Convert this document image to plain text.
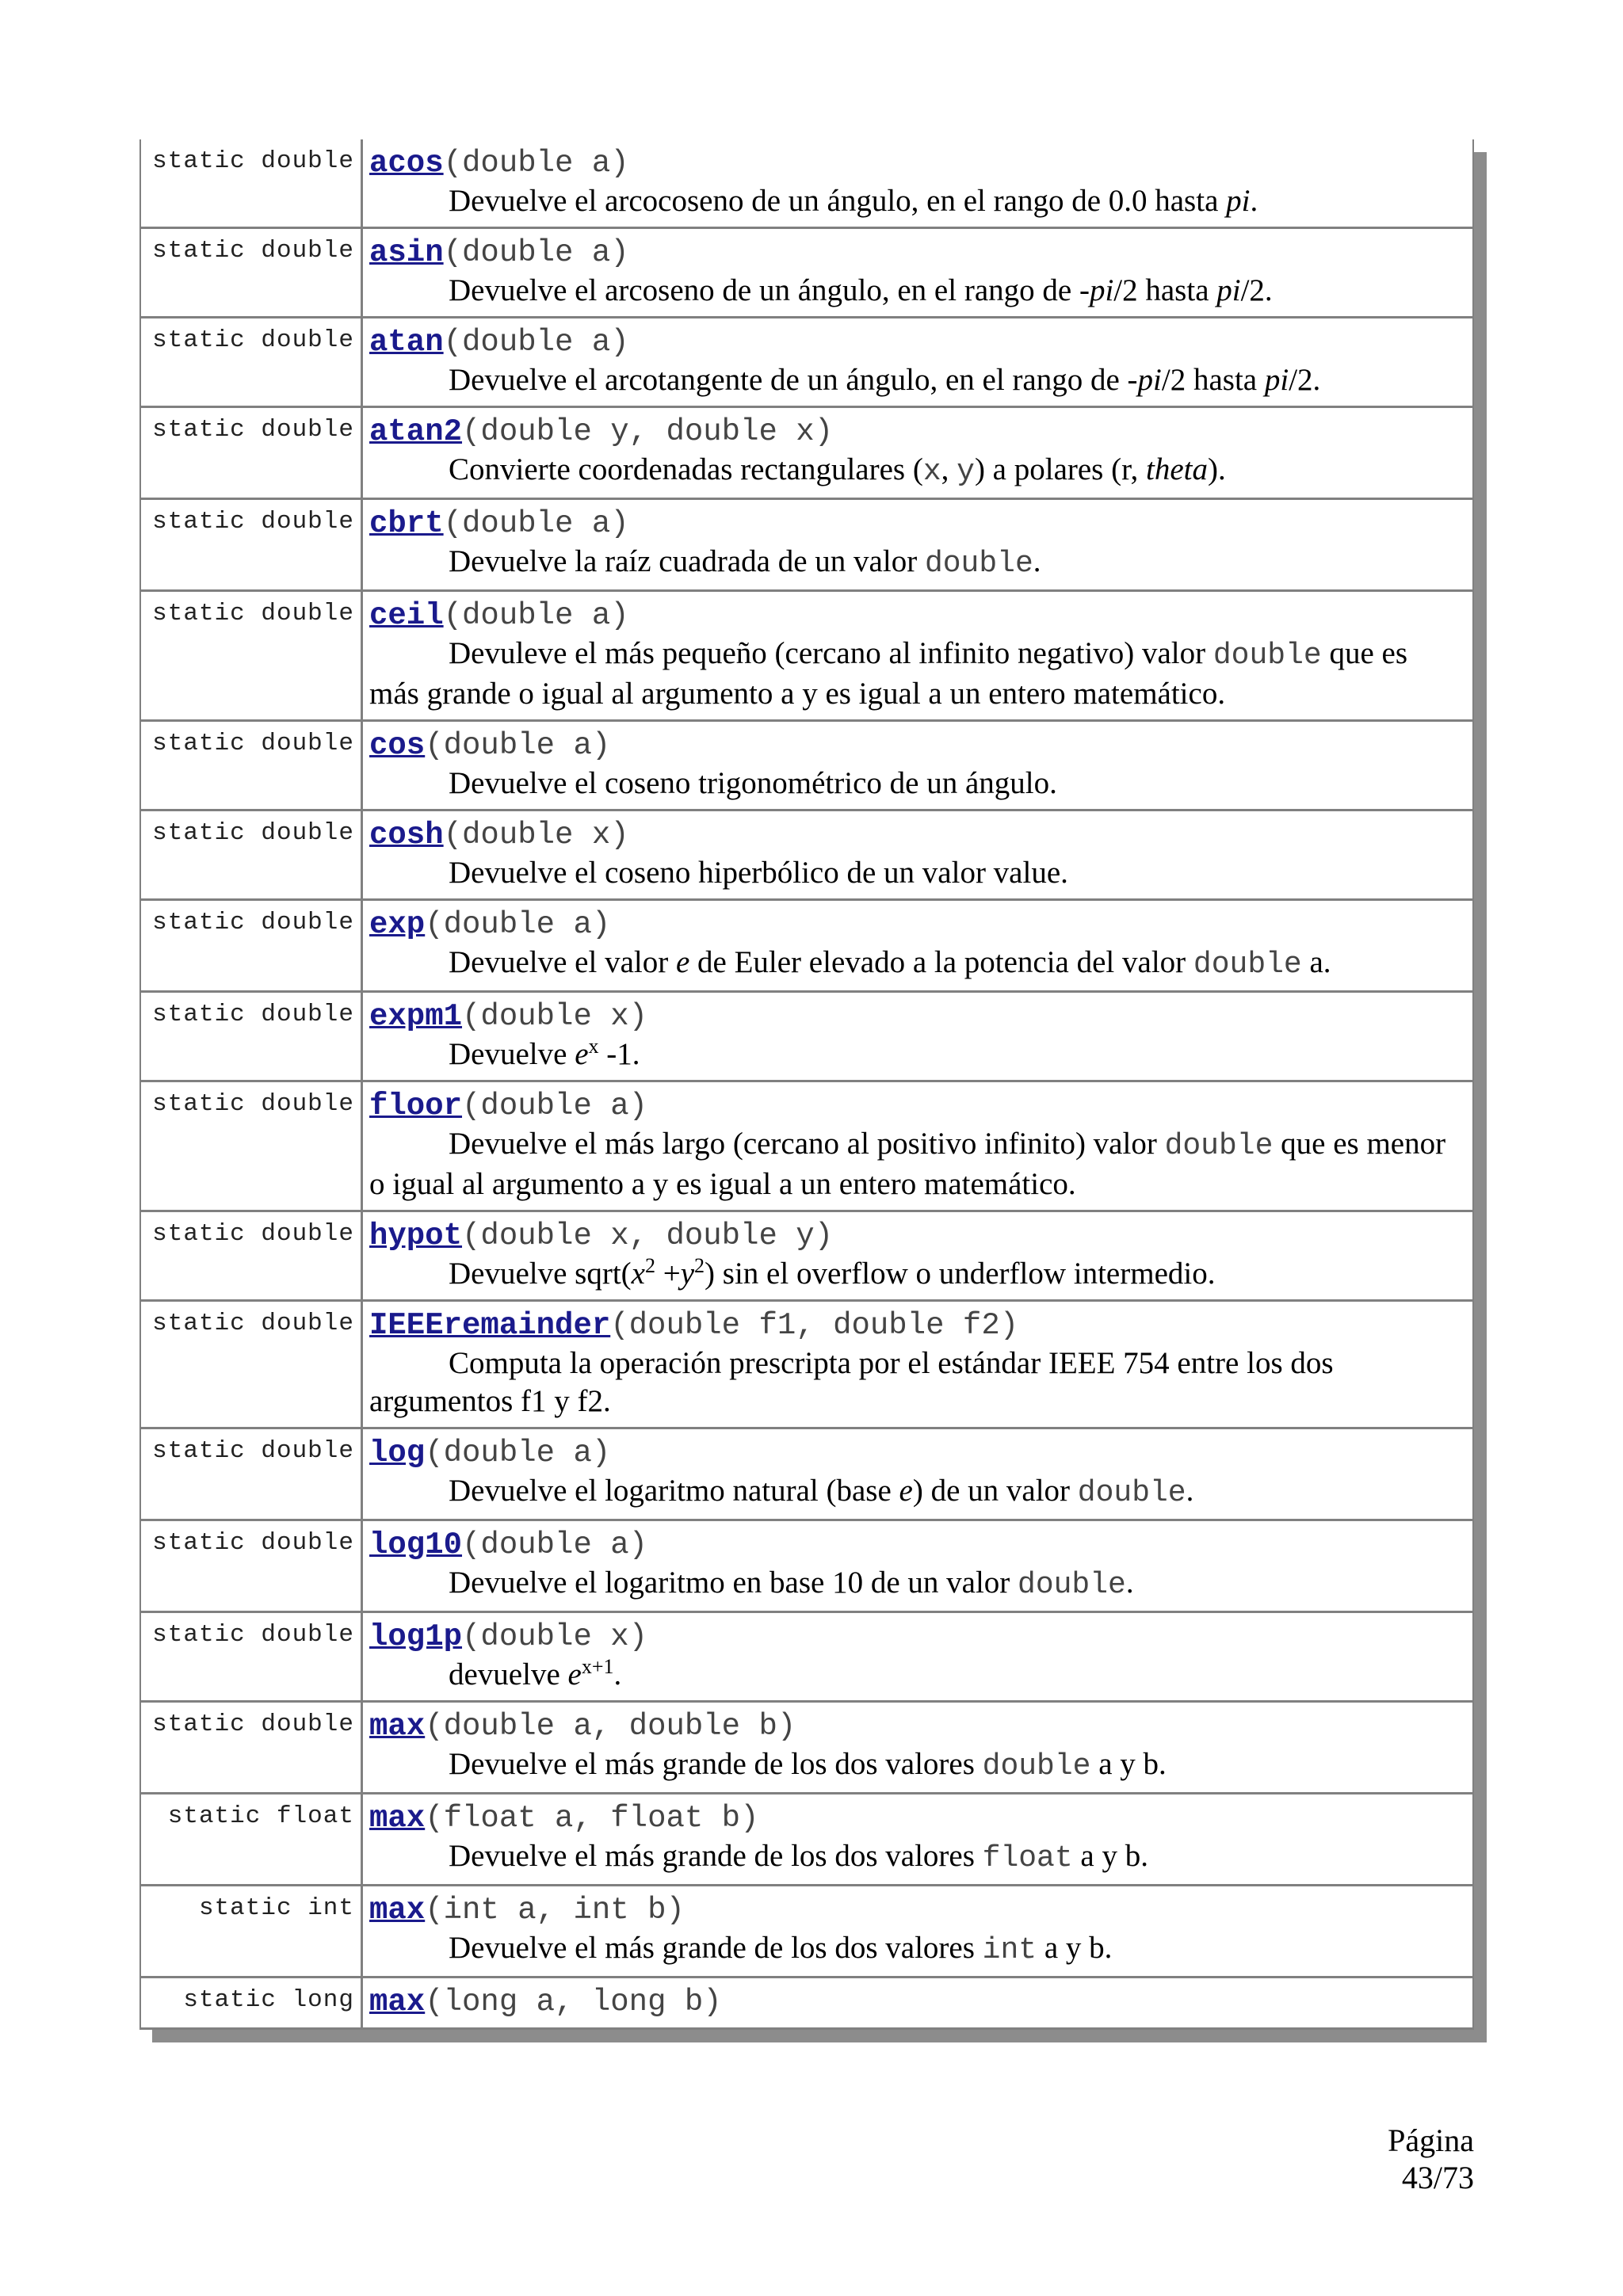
static double acos(double a)
Devuelve el arcocoseno de un ángulo, en el rango de 0.0 hasta pi.
static double asin(double a)
Devuelve el arcoseno de un ángulo, en el rango de -pi/2 hasta pi/2.
static double atan(double a)
Devuelve el arcotangente de un ángulo, en el rango de -pi/2 hasta pi/2.
static double atan2(double y, double x)
Convierte coordenadas rectangulares (x, y) a polares (r, theta).
static double cbrt(double a)
Devuelve la raíz cuadrada de un valor double.
static double ceil(double a)
Devuleve el más pequeño (cercano al infinito negativo) valor double que es más grande o igual al argumento a y es igual a un entero matemático.
static double cos(double a)
Devuelve el coseno trigonométrico de un ángulo.
static double cosh(double x)
Devuelve el coseno hiperbólico de un valor value.
static double exp(double a)
Devuelve el valor e de Euler elevado a la potencia del valor double a.
static double expm1(double x)
Devuelve $e^x$ -1.
static double floor(double a)
Devuelve el más largo (cercano al positivo infinito) valor double que es menor o igual al argumento a y es igual a un entero matemático.
static double hypot(double x, double y)
Devuelve $sqrt(x^2 +y^2)$ sin el overflow o underflow intermedio.
static double IEEEremainder(double f1, double f2)
Computa la operación prescripta por el estándar IEEE 754 entre los dos argumentos f1 y f2.
static double log(double a)
Devuelve el logaritmo natural (base e) de un valor double.
static double log10(double a)
Devuelve el logaritmo en base 10 de un valor double.
static double log1p(double x)
devuelve $e^{x+1}$.
static double max(double a, double b)
Devuelve el más grande de los dos valores double a y b.
static float max(float a, float b)
Devuelve el más grande de los dos valores float a y b.
static int max(int a, int b)
Devuelve el más grande de los dos valores int a y b.
static long max(long a, long b)
Página 43/73
